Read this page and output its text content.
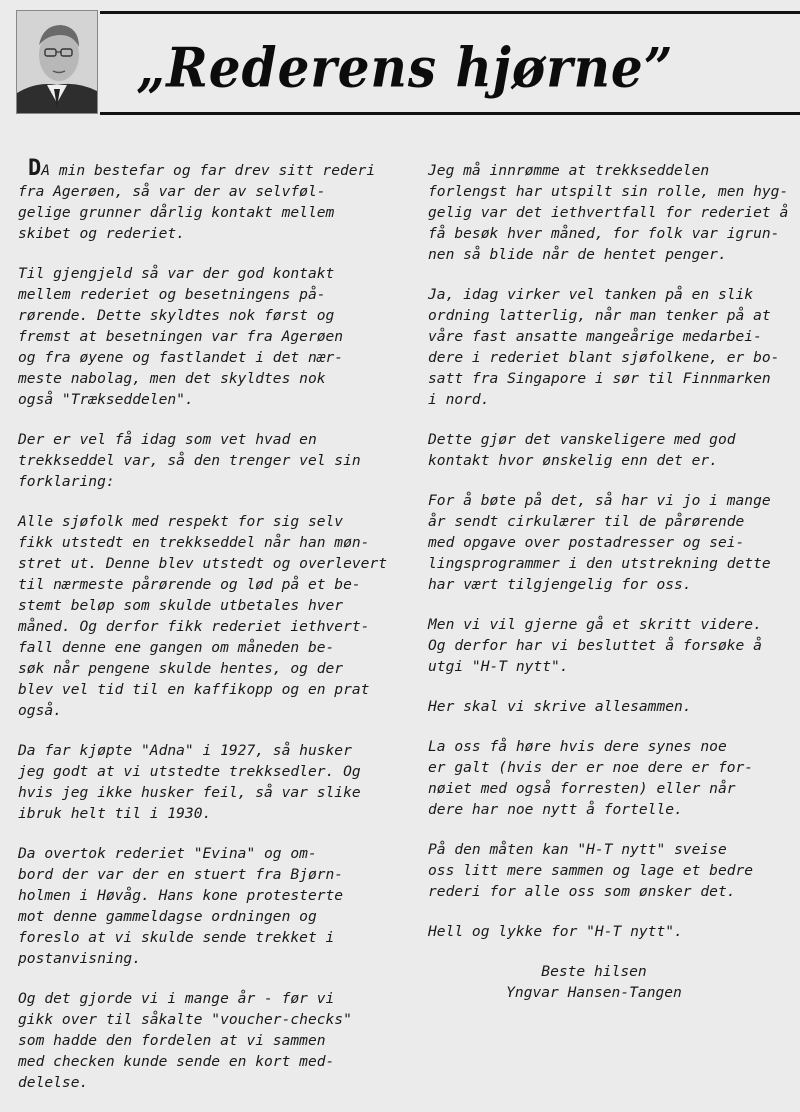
„Rederens hjørne”

DA min bestefar og far drev sitt rederi
fra Agerøen, så var der av selvføl-
gelige grunner dårlig kontakt mellem
skibet og rederiet.

Til gjengjeld så var der god kontakt
mellem rederiet og besetningens på-
rørende. Dette skyldtes nok først og
fremst at besetningen var fra Agerøen
og fra øyene og fastlandet i det nær-
meste nabolag, men det skyldtes nok
også "Trækseddelen".

Der er vel få idag som vet hvad en
trekkseddel var, så den trenger vel sin
forklaring:

Alle sjøfolk med respekt for sig selv
fikk utstedt en trekkseddel når han møn-
stret ut. Denne blev utstedt og overlevert
til nærmeste pårørende og lød på et be-
stemt beløp som skulde utbetales hver
måned. Og derfor fikk rederiet iethvert-
fall denne ene gangen om måneden be-
søk når pengene skulde hentes, og der
blev vel tid til en kaffikopp og en prat
også.

Da far kjøpte "Adna" i 1927, så husker
jeg godt at vi utstedte trekksedler. Og
hvis jeg ikke husker feil, så var slike
ibruk helt til i 1930.

Da overtok rederiet "Evina" og om-
bord der var der en stuert fra Bjørn-
holmen i Høvåg. Hans kone protesterte
mot denne gammeldagse ordningen og
foreslo at vi skulde sende trekket i
postanvisning.

Og det gjorde vi i mange år - før vi
gikk over til såkalte "voucher-checks"
som hadde den fordelen at vi sammen
med checken kunde sende en kort med-
delelse.

Jeg må innrømme at trekkseddelen
forlengst har utspilt sin rolle, men hyg-
gelig var det iethvertfall for rederiet å
få besøk hver måned, for folk var igrun-
nen så blide når de hentet penger.

Ja, idag virker vel tanken på en slik
ordning latterlig, når man tenker på at
våre fast ansatte mangeårige medarbei-
dere i rederiet blant sjøfolkene, er bo-
satt fra Singapore i sør til Finnmarken
i nord.

Dette gjør det vanskeligere med god
kontakt hvor ønskelig enn det er.

For å bøte på det, så har vi jo i mange
år sendt cirkulærer til de pårørende
med opgave over postadresser og sei-
lingsprogrammer i den utstrekning dette
har vært tilgjengelig for oss.

Men vi vil gjerne gå et skritt videre.
Og derfor har vi besluttet å forsøke å
utgi "H-T nytt".

Her skal vi skrive allesammen.

La oss få høre hvis dere synes noe
er galt (hvis der er noe dere er for-
nøiet med også forresten) eller når
dere har noe nytt å fortelle.

På den måten kan "H-T nytt" sveise
oss litt mere sammen og lage et bedre
rederi for alle oss som ønsker det.

Hell og lykke for "H-T nytt".

Beste hilsen

Yngvar Hansen-Tangen
